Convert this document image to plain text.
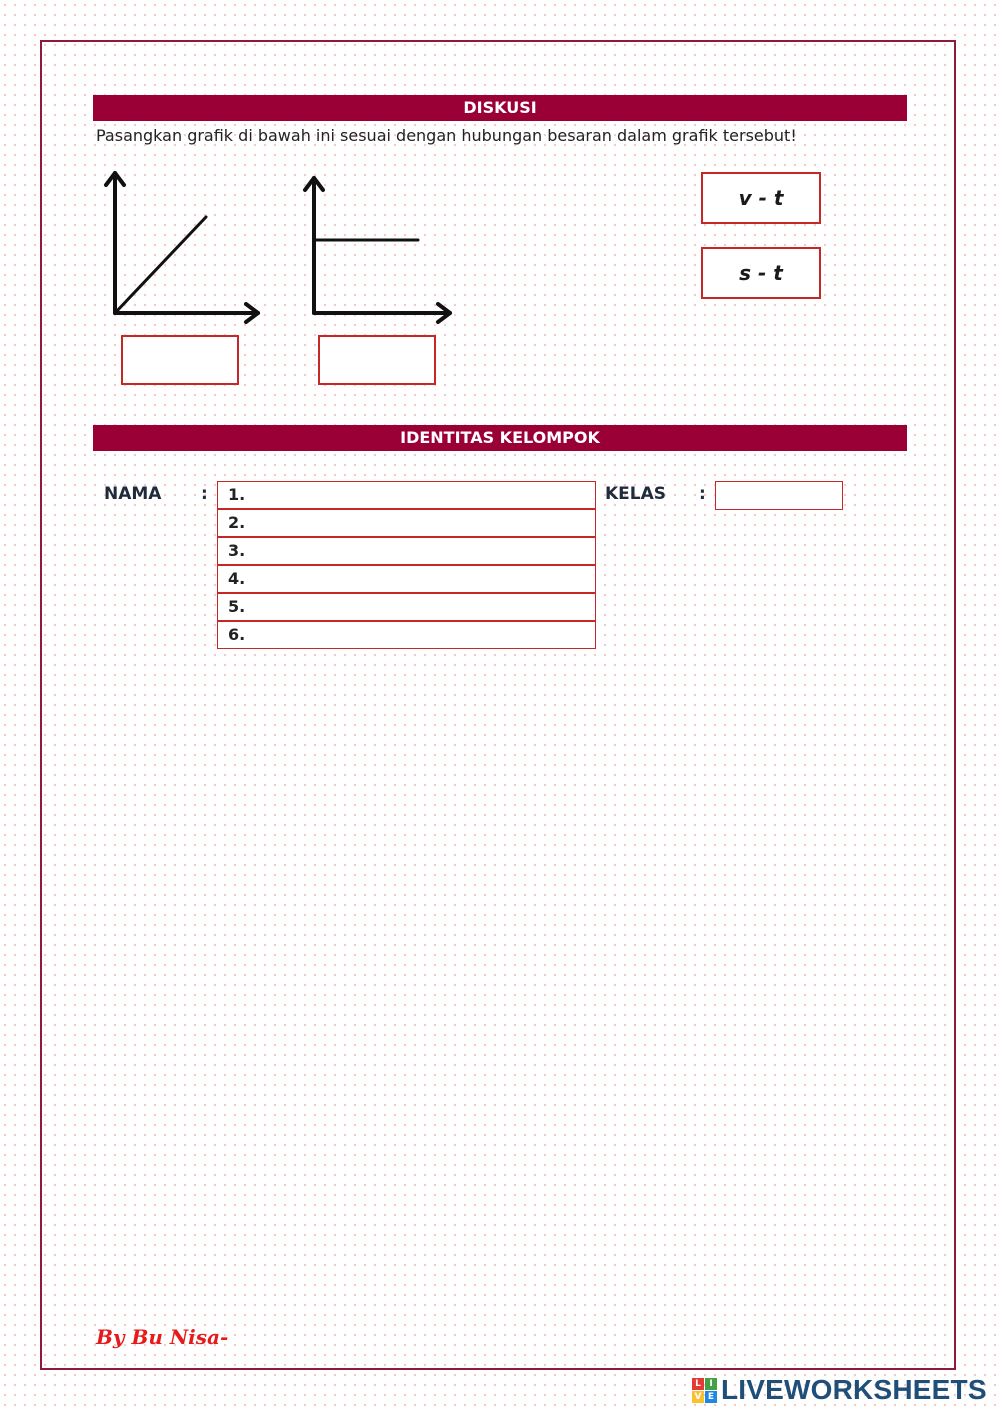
DISKUSI
Pasangkan grafik di bawah ini sesuai dengan hubungan besaran dalam grafik tersebut!
v - t
s - t
IDENTITAS KELOMPOK
NAMA :	1.
2.
3.
4.
5.
6.
KELAS :
By Bu Nisa-
L I
V E LIVEWORKSHEETS
